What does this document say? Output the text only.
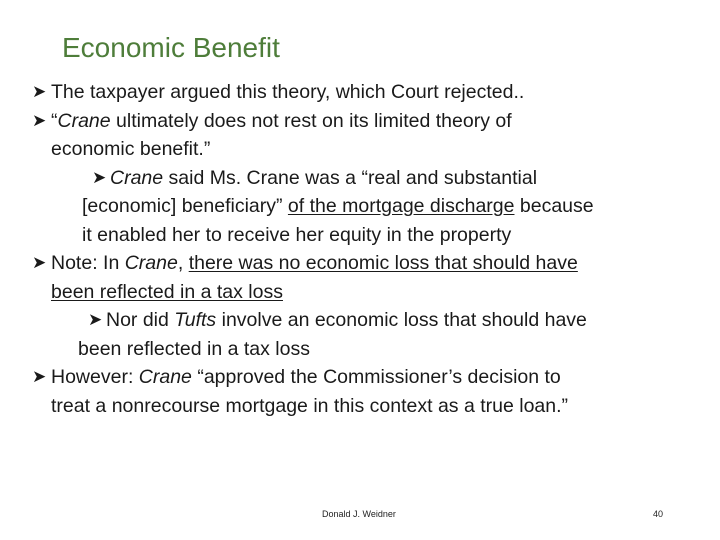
Economic Benefit
➤ The taxpayer argued this theory, which Court rejected..
➤ “Crane ultimately does not rest on its limited theory of
economic benefit.”
➤ Crane said Ms. Crane was a “real and substantial
[economic] beneficiary” of the mortgage discharge because
it enabled her to receive her equity in the property
➤ Note: In Crane, there was no economic loss that should have
been reflected in a tax loss
➤ Nor did Tufts involve an economic loss that should have
been reflected in a tax loss
➤ However: Crane “approved the Commissioner’s decision to
treat a nonrecourse mortgage in this context as a true loan.”
Donald J. Weidner	40
